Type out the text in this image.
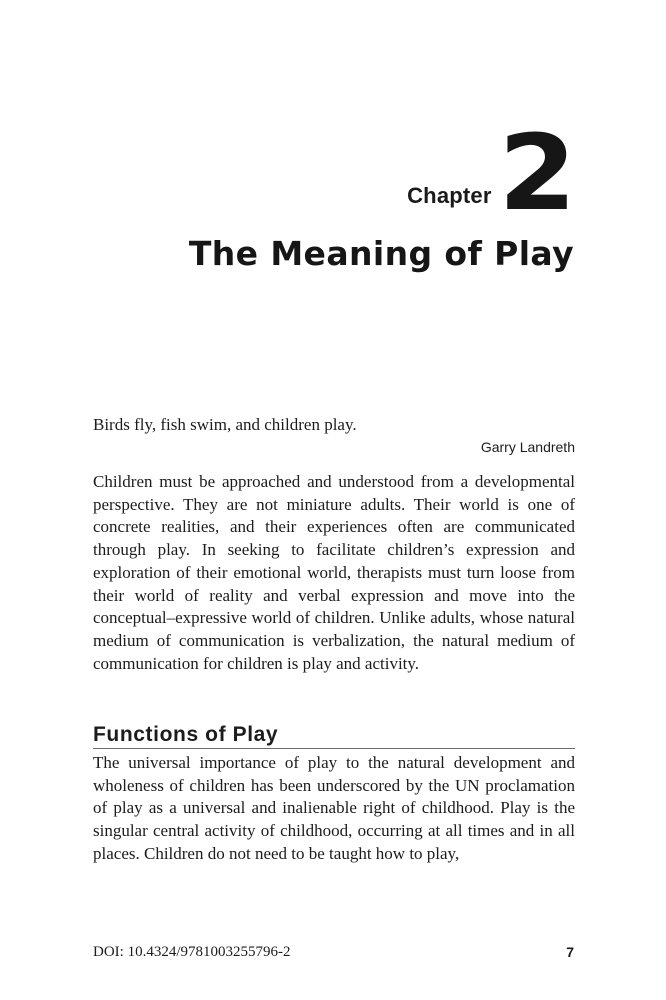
Chapter 2
The Meaning of Play

Birds fly, fish swim, and children play.

Garry Landreth

Children must be approached and understood from a developmental perspective. They are not miniature adults. Their world is one of concrete realities, and their experiences often are communicated through play. In seeking to facilitate children’s expression and exploration of their emotional world, therapists must turn loose from their world of reality and verbal expression and move into the conceptual–expressive world of children. Unlike adults, whose natural medium of communication is verbalization, the natural medium of communication for children is play and activity.

Functions of Play

The universal importance of play to the natural development and wholeness of children has been underscored by the UN proclamation of play as a universal and inalienable right of childhood. Play is the singular central activity of childhood, occurring at all times and in all places. Children do not need to be taught how to play,

DOI: 10.4324/9781003255796-2	7
